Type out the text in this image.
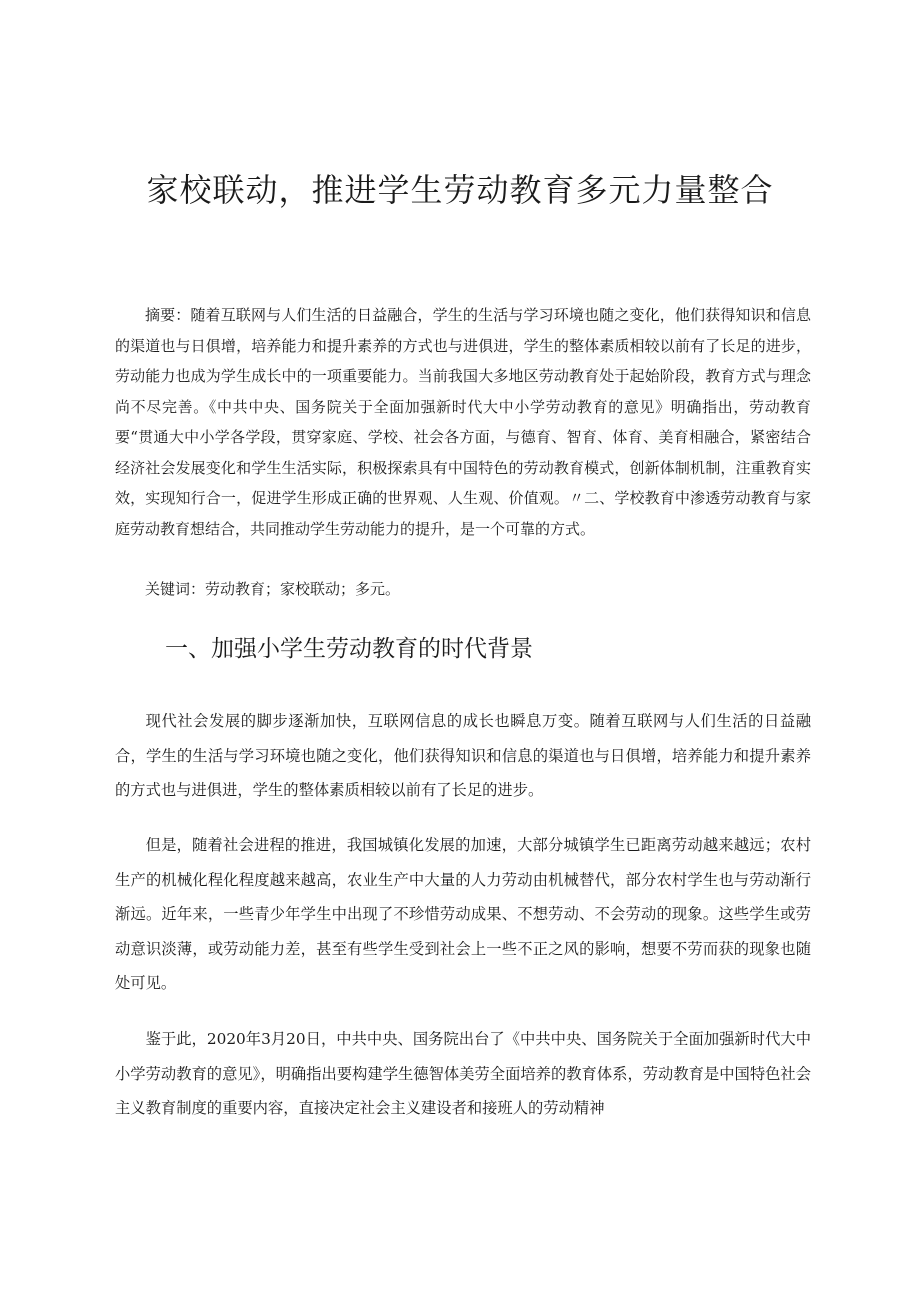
家校联动，推进学生劳动教育多元力量整合

摘要：随着互联网与人们生活的日益融合，学生的生活与学习环境也随之变化，他们获得知识和信息的渠道也与日俱增，培养能力和提升素养的方式也与进俱进，学生的整体素质相较以前有了长足的进步，劳动能力也成为学生成长中的一项重要能力。当前我国大多地区劳动教育处于起始阶段，教育方式与理念尚不尽完善。《中共中央、国务院关于全面加强新时代大中小学劳动教育的意见》明确指出，劳动教育要“贯通大中小学各学段，贯穿家庭、学校、社会各方面，与德育、智育、体育、美育相融合，紧密结合经济社会发展变化和学生生活实际，积极探索具有中国特色的劳动教育模式，创新体制机制，注重教育实效，实现知行合一，促进学生形成正确的世界观、人生观、价值观。〃二、学校教育中渗透劳动教育与家庭劳动教育想结合，共同推动学生劳动能力的提升，是一个可靠的方式。

关键词：劳动教育；家校联动；多元。

一、加强小学生劳动教育的时代背景

现代社会发展的脚步逐渐加快，互联网信息的成长也瞬息万变。随着互联网与人们生活的日益融合，学生的生活与学习环境也随之变化，他们获得知识和信息的渠道也与日俱增，培养能力和提升素养的方式也与进俱进，学生的整体素质相较以前有了长足的进步。

但是，随着社会进程的推进，我国城镇化发展的加速，大部分城镇学生已距离劳动越来越远；农村生产的机械化程化程度越来越高，农业生产中大量的人力劳动由机械替代，部分农村学生也与劳动渐行渐远。近年来，一些青少年学生中出现了不珍惜劳动成果、不想劳动、不会劳动的现象。这些学生或劳动意识淡薄，或劳动能力差，甚至有些学生受到社会上一些不正之风的影响，想要不劳而获的现象也随处可见。

鉴于此，2020年3月20日，中共中央、国务院出台了《中共中央、国务院关于全面加强新时代大中小学劳动教育的意见》，明确指出要构建学生德智体美劳全面培养的教育体系，劳动教育是中国特色社会主义教育制度的重要内容，直接决定社会主义建设者和接班人的劳动精神
